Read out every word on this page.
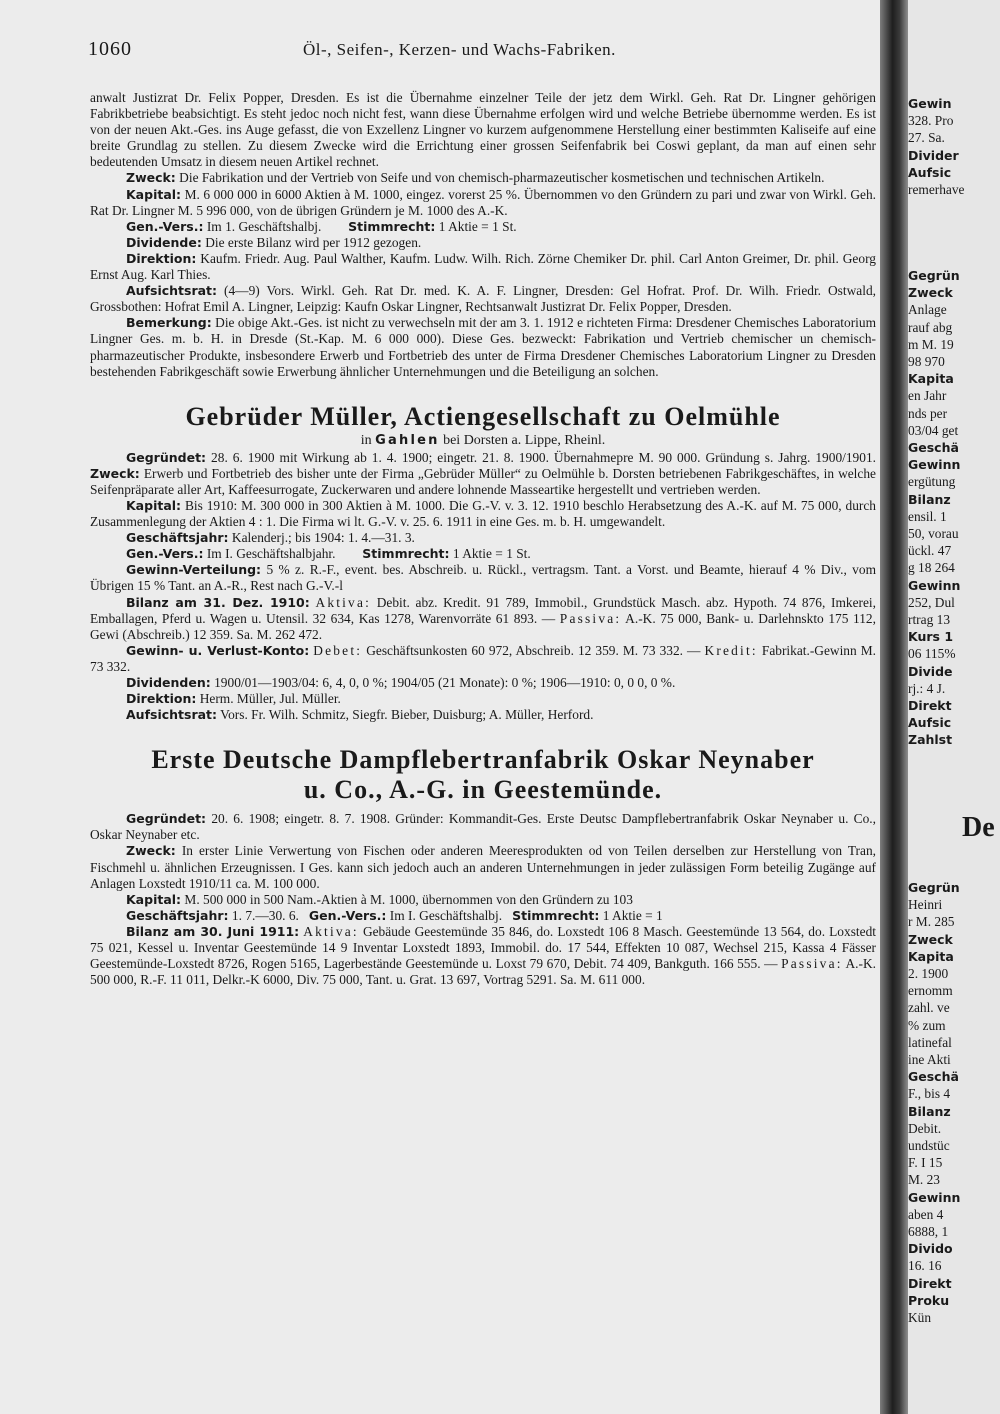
1060	Öl-, Seifen-, Kerzen- und Wachs-Fabriken.

anwalt Justizrat Dr. Felix Popper, Dresden. Es ist die Übernahme einzelner Teile der jetz dem Wirkl. Geh. Rat Dr. Lingner gehörigen Fabrikbetriebe beabsichtigt. Es steht jedoc noch nicht fest, wann diese Übernahme erfolgen wird und welche Betriebe übernomme werden. Es ist von der neuen Akt.-Ges. ins Auge gefasst, die von Exzellenz Lingner vo kurzem aufgenommene Herstellung einer bestimmten Kaliseife auf eine breite Grundlag zu stellen. Zu diesem Zwecke wird die Errichtung einer grossen Seifenfabrik bei Coswi geplant, da man auf einen sehr bedeutenden Umsatz in diesem neuen Artikel rechnet.

Zweck: Die Fabrikation und der Vertrieb von Seife und von chemisch-pharmazeutischer kosmetischen und technischen Artikeln.

Kapital: M. 6 000 000 in 6000 Aktien à M. 1000, eingez. vorerst 25 %. Übernommen vo den Gründern zu pari und zwar von Wirkl. Geh. Rat Dr. Lingner M. 5 996 000, von de übrigen Gründern je M. 1000 des A.-K.

Gen.-Vers.: Im 1. Geschäftshalbj. Stimmrecht: 1 Aktie = 1 St.

Dividende: Die erste Bilanz wird per 1912 gezogen.

Direktion: Kaufm. Friedr. Aug. Paul Walther, Kaufm. Ludw. Wilh. Rich. Zörne Chemiker Dr. phil. Carl Anton Greimer, Dr. phil. Georg Ernst Aug. Karl Thies.

Aufsichtsrat: (4—9) Vors. Wirkl. Geh. Rat Dr. med. K. A. F. Lingner, Dresden: Gel Hofrat. Prof. Dr. Wilh. Friedr. Ostwald, Grossbothen: Hofrat Emil A. Lingner, Leipzig: Kaufn Oskar Lingner, Rechtsanwalt Justizrat Dr. Felix Popper, Dresden.

Bemerkung: Die obige Akt.-Ges. ist nicht zu verwechseln mit der am 3. 1. 1912 e richteten Firma: Dresdener Chemisches Laboratorium Lingner Ges. m. b. H. in Dresde (St.-Kap. M. 6 000 000). Diese Ges. bezweckt: Fabrikation und Vertrieb chemischer un chemisch-pharmazeutischer Produkte, insbesondere Erwerb und Fortbetrieb des unter de Firma Dresdener Chemisches Laboratorium Lingner zu Dresden bestehenden Fabrikgeschäft sowie Erwerbung ähnlicher Unternehmungen und die Beteiligung an solchen.

Gebrüder Müller, Actiengesellschaft zu Oelmühle

in Gahlen bei Dorsten a. Lippe, Rheinl.

Gegründet: 28. 6. 1900 mit Wirkung ab 1. 4. 1900; eingetr. 21. 8. 1900. Übernahmepre M. 90 000. Gründung s. Jahrg. 1900/1901. Zweck: Erwerb und Fortbetrieb des bisher unte der Firma „Gebrüder Müller“ zu Oelmühle b. Dorsten betriebenen Fabrikgeschäftes, in welche Seifenpräparate aller Art, Kaffeesurrogate, Zuckerwaren und andere lohnende Masseartike hergestellt und vertrieben werden.

Kapital: Bis 1910: M. 300 000 in 300 Aktien à M. 1000. Die G.-V. v. 3. 12. 1910 beschlo Herabsetzung des A.-K. auf M. 75 000, durch Zusammenlegung der Aktien 4 : 1. Die Firma wi lt. G.-V. v. 25. 6. 1911 in eine Ges. m. b. H. umgewandelt.

Geschäftsjahr: Kalenderj.; bis 1904: 1. 4.—31. 3.

Gen.-Vers.: Im I. Geschäftshalbjahr. Stimmrecht: 1 Aktie = 1 St.

Gewinn-Verteilung: 5 % z. R.-F., event. bes. Abschreib. u. Rückl., vertragsm. Tant. a Vorst. und Beamte, hierauf 4 % Div., vom Übrigen 15 % Tant. an A.-R., Rest nach G.-V.-l

Bilanz am 31. Dez. 1910: Aktiva: Debit. abz. Kredit. 91 789, Immobil., Grundstück Masch. abz. Hypoth. 74 876, Imkerei, Emballagen, Pferd u. Wagen u. Utensil. 32 634, Kas 1278, Warenvorräte 61 893. — Passiva: A.-K. 75 000, Bank- u. Darlehnskto 175 112, Gewi (Abschreib.) 12 359. Sa. M. 262 472.

Gewinn- u. Verlust-Konto: Debet: Geschäftsunkosten 60 972, Abschreib. 12 359. M. 73 332. — Kredit: Fabrikat.-Gewinn M. 73 332.

Dividenden: 1900/01—1903/04: 6, 4, 0, 0 %; 1904/05 (21 Monate): 0 %; 1906—1910: 0, 0 0, 0 %.

Direktion: Herm. Müller, Jul. Müller.

Aufsichtsrat: Vors. Fr. Wilh. Schmitz, Siegfr. Bieber, Duisburg; A. Müller, Herford.

Erste Deutsche Dampflebertranfabrik Oskar Neynaber

u. Co., A.-G. in Geestemünde.

Gegründet: 20. 6. 1908; eingetr. 8. 7. 1908. Gründer: Kommandit-Ges. Erste Deutsc Dampflebertranfabrik Oskar Neynaber u. Co., Oskar Neynaber etc.

Zweck: In erster Linie Verwertung von Fischen oder anderen Meeresprodukten od von Teilen derselben zur Herstellung von Tran, Fischmehl u. ähnlichen Erzeugnissen. I Ges. kann sich jedoch auch an anderen Unternehmungen in jeder zulässigen Form beteilig Zugänge auf Anlagen Loxstedt 1910/11 ca. M. 100 000.

Kapital: M. 500 000 in 500 Nam.-Aktien à M. 1000, übernommen von den Gründern zu 103

Geschäftsjahr: 1. 7.—30. 6. Gen.-Vers.: Im I. Geschäftshalbj. Stimmrecht: 1 Aktie = 1

Bilanz am 30. Juni 1911: Aktiva: Gebäude Geestemünde 35 846, do. Loxstedt 106 8 Masch. Geestemünde 13 564, do. Loxstedt 75 021, Kessel u. Inventar Geestemünde 14 9 Inventar Loxstedt 1893, Immobil. do. 17 544, Effekten 10 087, Wechsel 215, Kassa 4 Fässer Geestemünde-Loxstedt 8726, Rogen 5165, Lagerbestände Geestemünde u. Loxst 79 670, Debit. 74 409, Bankguth. 166 555. — Passiva: A.-K. 500 000, R.-F. 11 011, Delkr.-K 6000, Div. 75 000, Tant. u. Grat. 13 697, Vortrag 5291. Sa. M. 611 000.

Gewin
328. Pro
27. Sa.
Divider
Aufsic
remerhave
Gegrün
Zweck
Anlage
rauf abg
m M. 19
98 970
Kapita
en Jahr
nds per
03/04 get
Geschä
Gewinn
ergütung
Bilanz
ensil. 1
50, vorau
ückl. 47
g 18 264
Gewinn
252, Dul
rtrag 13
Kurs 1
06 115%
Divide
rj.: 4 J.
Direkt
Aufsic
Zahlst
De
Gegrün
Heinri
r M. 285
Zweck
Kapita
2. 1900
ernomm
zahl. ve
% zum
latinefal
ine Akti
Geschä
F., bis 4
Bilanz
Debit.
undstüc
F. I 15
M. 23
Gewinn
aben 4
6888, 1
Divido
16. 16
Direkt
Proku
Kün
